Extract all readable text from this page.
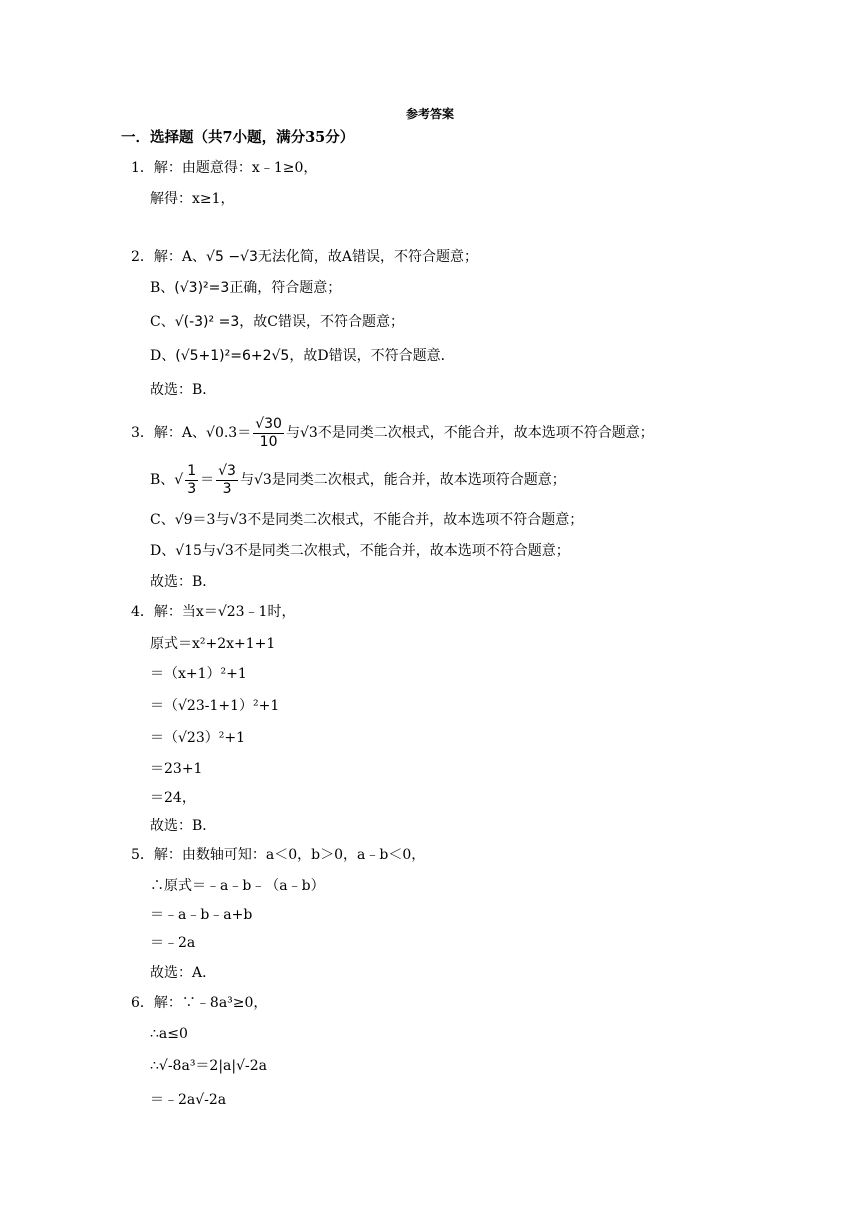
参考答案
一．选择题（共7小题，满分35分）
1．解：由题意得：x﹣1≥0，
解得：x≥1，
2．解：A、√5 −√3无法化简，故A错误，不符合题意；
B、(√3)²=3正确，符合题意；
C、√(-3)² =3，故C错误，不符合题意；
D、(√5+1)²=6+2√5，故D错误，不符合题意．
故选：B．
3．解：A、$√0.3= \frac{√30}{10}$ 与√3不是同类二次根式，不能合并，故本选项不符合题意；
B、√ $\frac{1}{3} = \frac{√3}{3}$ 与√3是同类二次根式，能合并，故本选项符合题意；
C、√9＝3与√3不是同类二次根式，不能合并，故本选项不符合题意；
D、√15与√3不是同类二次根式，不能合并，故本选项不符合题意；
故选：B．
4．解：当x＝√23﹣1时，
原式＝x²+2x+1+1
＝（x+1）²+1
＝（√23-1+1）²+1
＝（√23）²+1
＝23+1
＝24，
故选：B．
5．解：由数轴可知：a＜0，b＞0，a﹣b＜0，
∴原式＝﹣a﹣b﹣（a﹣b）
＝﹣a﹣b﹣a+b
＝﹣2a
故选：A．
6．解：∵﹣8a³≥0，
∴a≤0
∴√-8a³＝2|a|√-2a
＝﹣2a√-2a
